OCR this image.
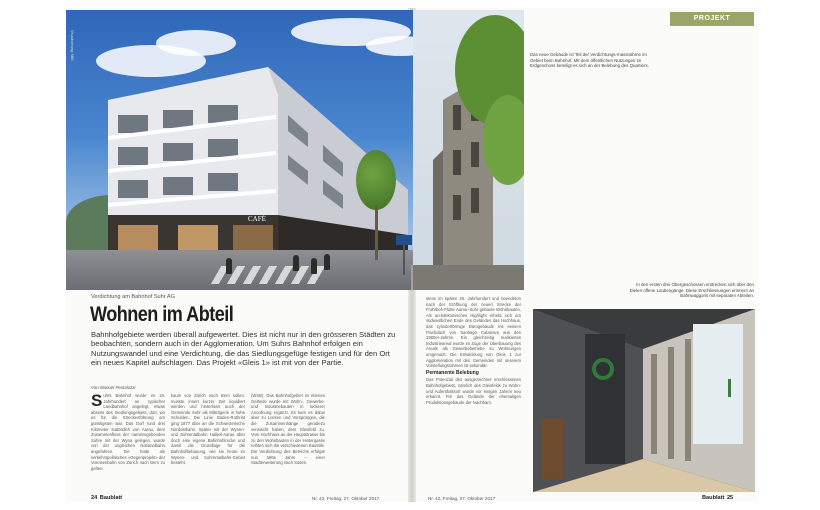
CAFÉ
Visualisierung: SBB
PROJEKT
Das neue Gebäude ist Teil der Verdichtungs-massnahme im Gebiet beim Bahnhof. Mit dem öffentlichen Nutzungen im Erdgeschoss beteiligt es sich an der Belebung des Quartiers.
In den ersten drei Obergeschossen erstrecken sich über den Dielen offene Laubengänge. Diese Erschliessungen erinnern an Bahnwaggons mit separaten Abteilen.
Verdichtung am Bahnhof Suhr AG
Wohnen im Abteil
Bahnhofgebiete werden überall aufgewertet. Dies ist nicht nur in den grösseren Städten zu beobachten, sondern auch in der Agglomeration. Um Suhrs Bahnhof erfolgen ein Nutzungswandel und eine Verdichtung, die das Siedlungsgefüge festigen und für den Ort ein neues Kapitel aufschlagen. Das Projekt «Gleis 1» ist mit von der Partie.
Von Manuel Pestalozzi
Suhrs Bahnhof wurde im 19. Jahrhundert an typischer Landbahnhof angelegt, etwas abseits des Siedlungsgebiets, dort, wo es für die Streckenführung am günstigsten war. Das Dorf rund drei Kilometer südöstlich von Aarau, dem Zusammenfluss der namensgebenden Suhre mit der Wyna gelegen, wurde von der ungleichen Nationalbahn angefahren. Sie hatte als verkehrspolitisches «Gegenprojekt» der Voreisenbahn von Zürich nach Bern zu gelten.
kaum von Zürich nach Bern sollen, musste innert kurzer Zeit liquidiert werden und hinterliess auch der Gemeinde Suhr als Mitträgerin in hohe Schulden. Die Linie Baden-Rothrist ging 1877 über an die Schweizerische Nordostbahn. Später mit der Wynen- und Suhrentalbahn Hallwil-Aarau über doch eine eigene Bahnhofsrecke und damit die Grundlage für die Bahnhofbebauung, wie sie heute im Wynen- und Suhrentalbahn-Gebiet besteht.
(WSB). Das Bahnhofgebiet im ebenen Gelände wurde mit Wohn-, Gewerbe- und Industriebauten in lockerer Anordnung ergänzt. Es kam es dabei aber zu Lücken und Vorsprüngen, die die Zusammenhänge geradezu verwischt haben, dem Gleisfeld zu. Vom Hochhaus an der Hauptstrasse bis zu den Wohnbauten in der Hintergasse reihten sich die verschiedenen Baustile. Die Verdichtung des Bereichs erfolgte nun Mitte Jahre – einer Stadterweiterung nach Süden.
stens im späten 20. Jahrhundert und beendeten nach der Eröffnung der neuen Strecke der Frohrbeh-Flotte Aarau–Suhr gebaute Wohnbauten. Als architektonisches Highlight erhebt sich am südwestlichen Ende des Geländes das Hochhaus, das zylinderförmige Bürogebäude mit seinem Flachdach von Santiago Calatrava aus den 1980er-Jahren. Ein gleichzeitig realisiertes Industrieareal wurde im Zuge der Überbauung des Areals als Gewerbebetriebe zu Wohnungen umgenutzt. Die Entwicklung von Gleis 1 zur Agglomeration mit den Gemeinden mit unserem Vorstellungsrahmen ist sekundär.
Permanente Belebung
Das Potenzial des ausgezeichnet erschlossenen Bahnhofgebiets, nämlich des Gleisfelds zu Wohn- und Aufenthaltsort wurde vor einigen Jahren neu erkannt. Für das Gelände der ehemaligen Produktionsgebäude der Nachbarn.
24 Baublatt	Nr. 42, Freitag, 27. Oktober 2017	Nr. 42, Freitag, 27. Oktober 2017	Baublatt 25
